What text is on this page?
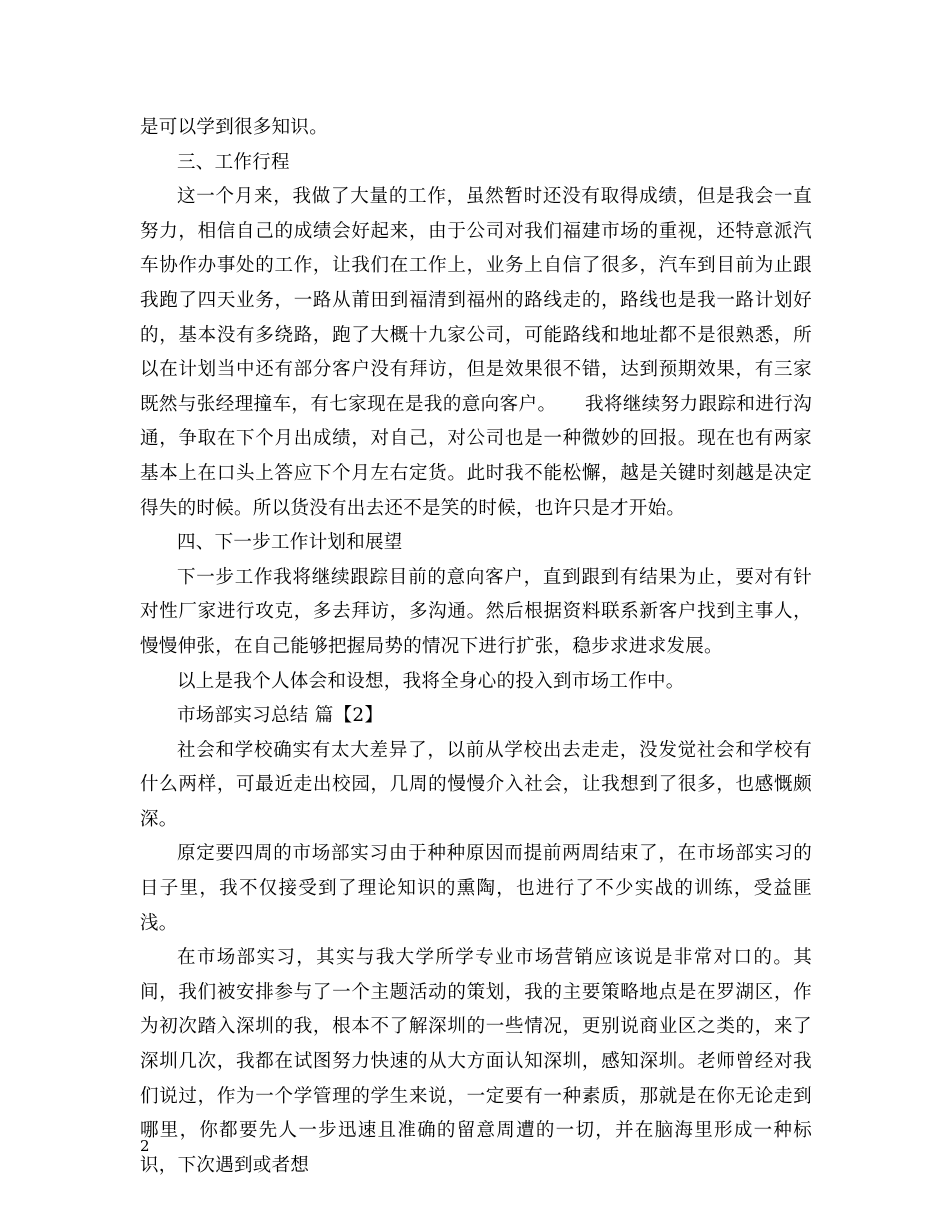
是可以学到很多知识。

三、工作行程

这一个月来，我做了大量的工作，虽然暂时还没有取得成绩，但是我会一直努力，相信自己的成绩会好起来，由于公司对我们福建市场的重视，还特意派汽车协作办事处的工作，让我们在工作上，业务上自信了很多，汽车到目前为止跟我跑了四天业务，一路从莆田到福清到福州的路线走的，路线也是我一路计划好的，基本没有多绕路，跑了大概十九家公司，可能路线和地址都不是很熟悉，所以在计划当中还有部分客户没有拜访，但是效果很不错，达到预期效果，有三家既然与张经理撞车，有七家现在是我的意向客户。　　我将继续努力跟踪和进行沟通，争取在下个月出成绩，对自己，对公司也是一种微妙的回报。现在也有两家基本上在口头上答应下个月左右定货。此时我不能松懈，越是关键时刻越是决定得失的时候。所以货没有出去还不是笑的时候，也许只是才开始。

四、下一步工作计划和展望

下一步工作我将继续跟踪目前的意向客户，直到跟到有结果为止，要对有针对性厂家进行攻克，多去拜访，多沟通。然后根据资料联系新客户找到主事人，慢慢伸张，在自己能够把握局势的情况下进行扩张，稳步求进求发展。

以上是我个人体会和设想，我将全身心的投入到市场工作中。

市场部实习总结 篇【2】

社会和学校确实有太大差异了，以前从学校出去走走，没发觉社会和学校有什么两样，可最近走出校园，几周的慢慢介入社会，让我想到了很多，也感慨颇深。

原定要四周的市场部实习由于种种原因而提前两周结束了，在市场部实习的日子里，我不仅接受到了理论知识的熏陶，也进行了不少实战的训练，受益匪浅。

在市场部实习，其实与我大学所学专业市场营销应该说是非常对口的。其间，我们被安排参与了一个主题活动的策划，我的主要策略地点是在罗湖区，作为初次踏入深圳的我，根本不了解深圳的一些情况，更别说商业区之类的，来了深圳几次，我都在试图努力快速的从大方面认知深圳，感知深圳。老师曾经对我们说过，作为一个学管理的学生来说，一定要有一种素质，那就是在你无论走到哪里，你都要先人一步迅速且准确的留意周遭的一切，并在脑海里形成一种标识，下次遇到或者想

2
